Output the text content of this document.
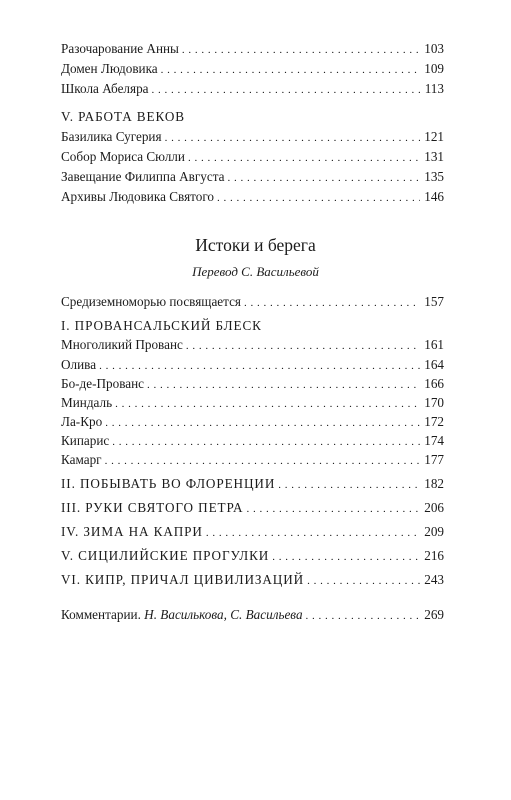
Разочарование Анны . . .	103
Домен Людовика . . .	109
Школа Абеляра . . .	113
V. РАБОТА ВЕКОВ
Базилика Сугерия . . .	121
Собор Мориса Сюлли . . .	131
Завещание Филиппа Августа . . .	135
Архивы Людовика Святого . . .	146
Истоки и берега
Перевод С. Васильевой
Средиземноморью посвящается . . .	157
I. ПРОВАНСАЛЬСКИЙ БЛЕСК
Многоликий Прованс . . .	161
Олива . . .	164
Бо-де-Прованс . . .	166
Миндаль . . .	170
Ла-Кро . . .	172
Кипарис . . .	174
Камарг . . .	177
II. ПОБЫВАТЬ ВО ФЛОРЕНЦИИ . . .	182
III. РУКИ СВЯТОГО ПЕТРА . . .	206
IV. ЗИМА НА КАПРИ . . .	209
V. СИЦИЛИЙСКИЕ ПРОГУЛКИ . . .	216
VI. КИПР, ПРИЧАЛ ЦИВИЛИЗАЦИЙ . . .	243
Комментарии. Н. Василькова, С. Васильева . . .	269
